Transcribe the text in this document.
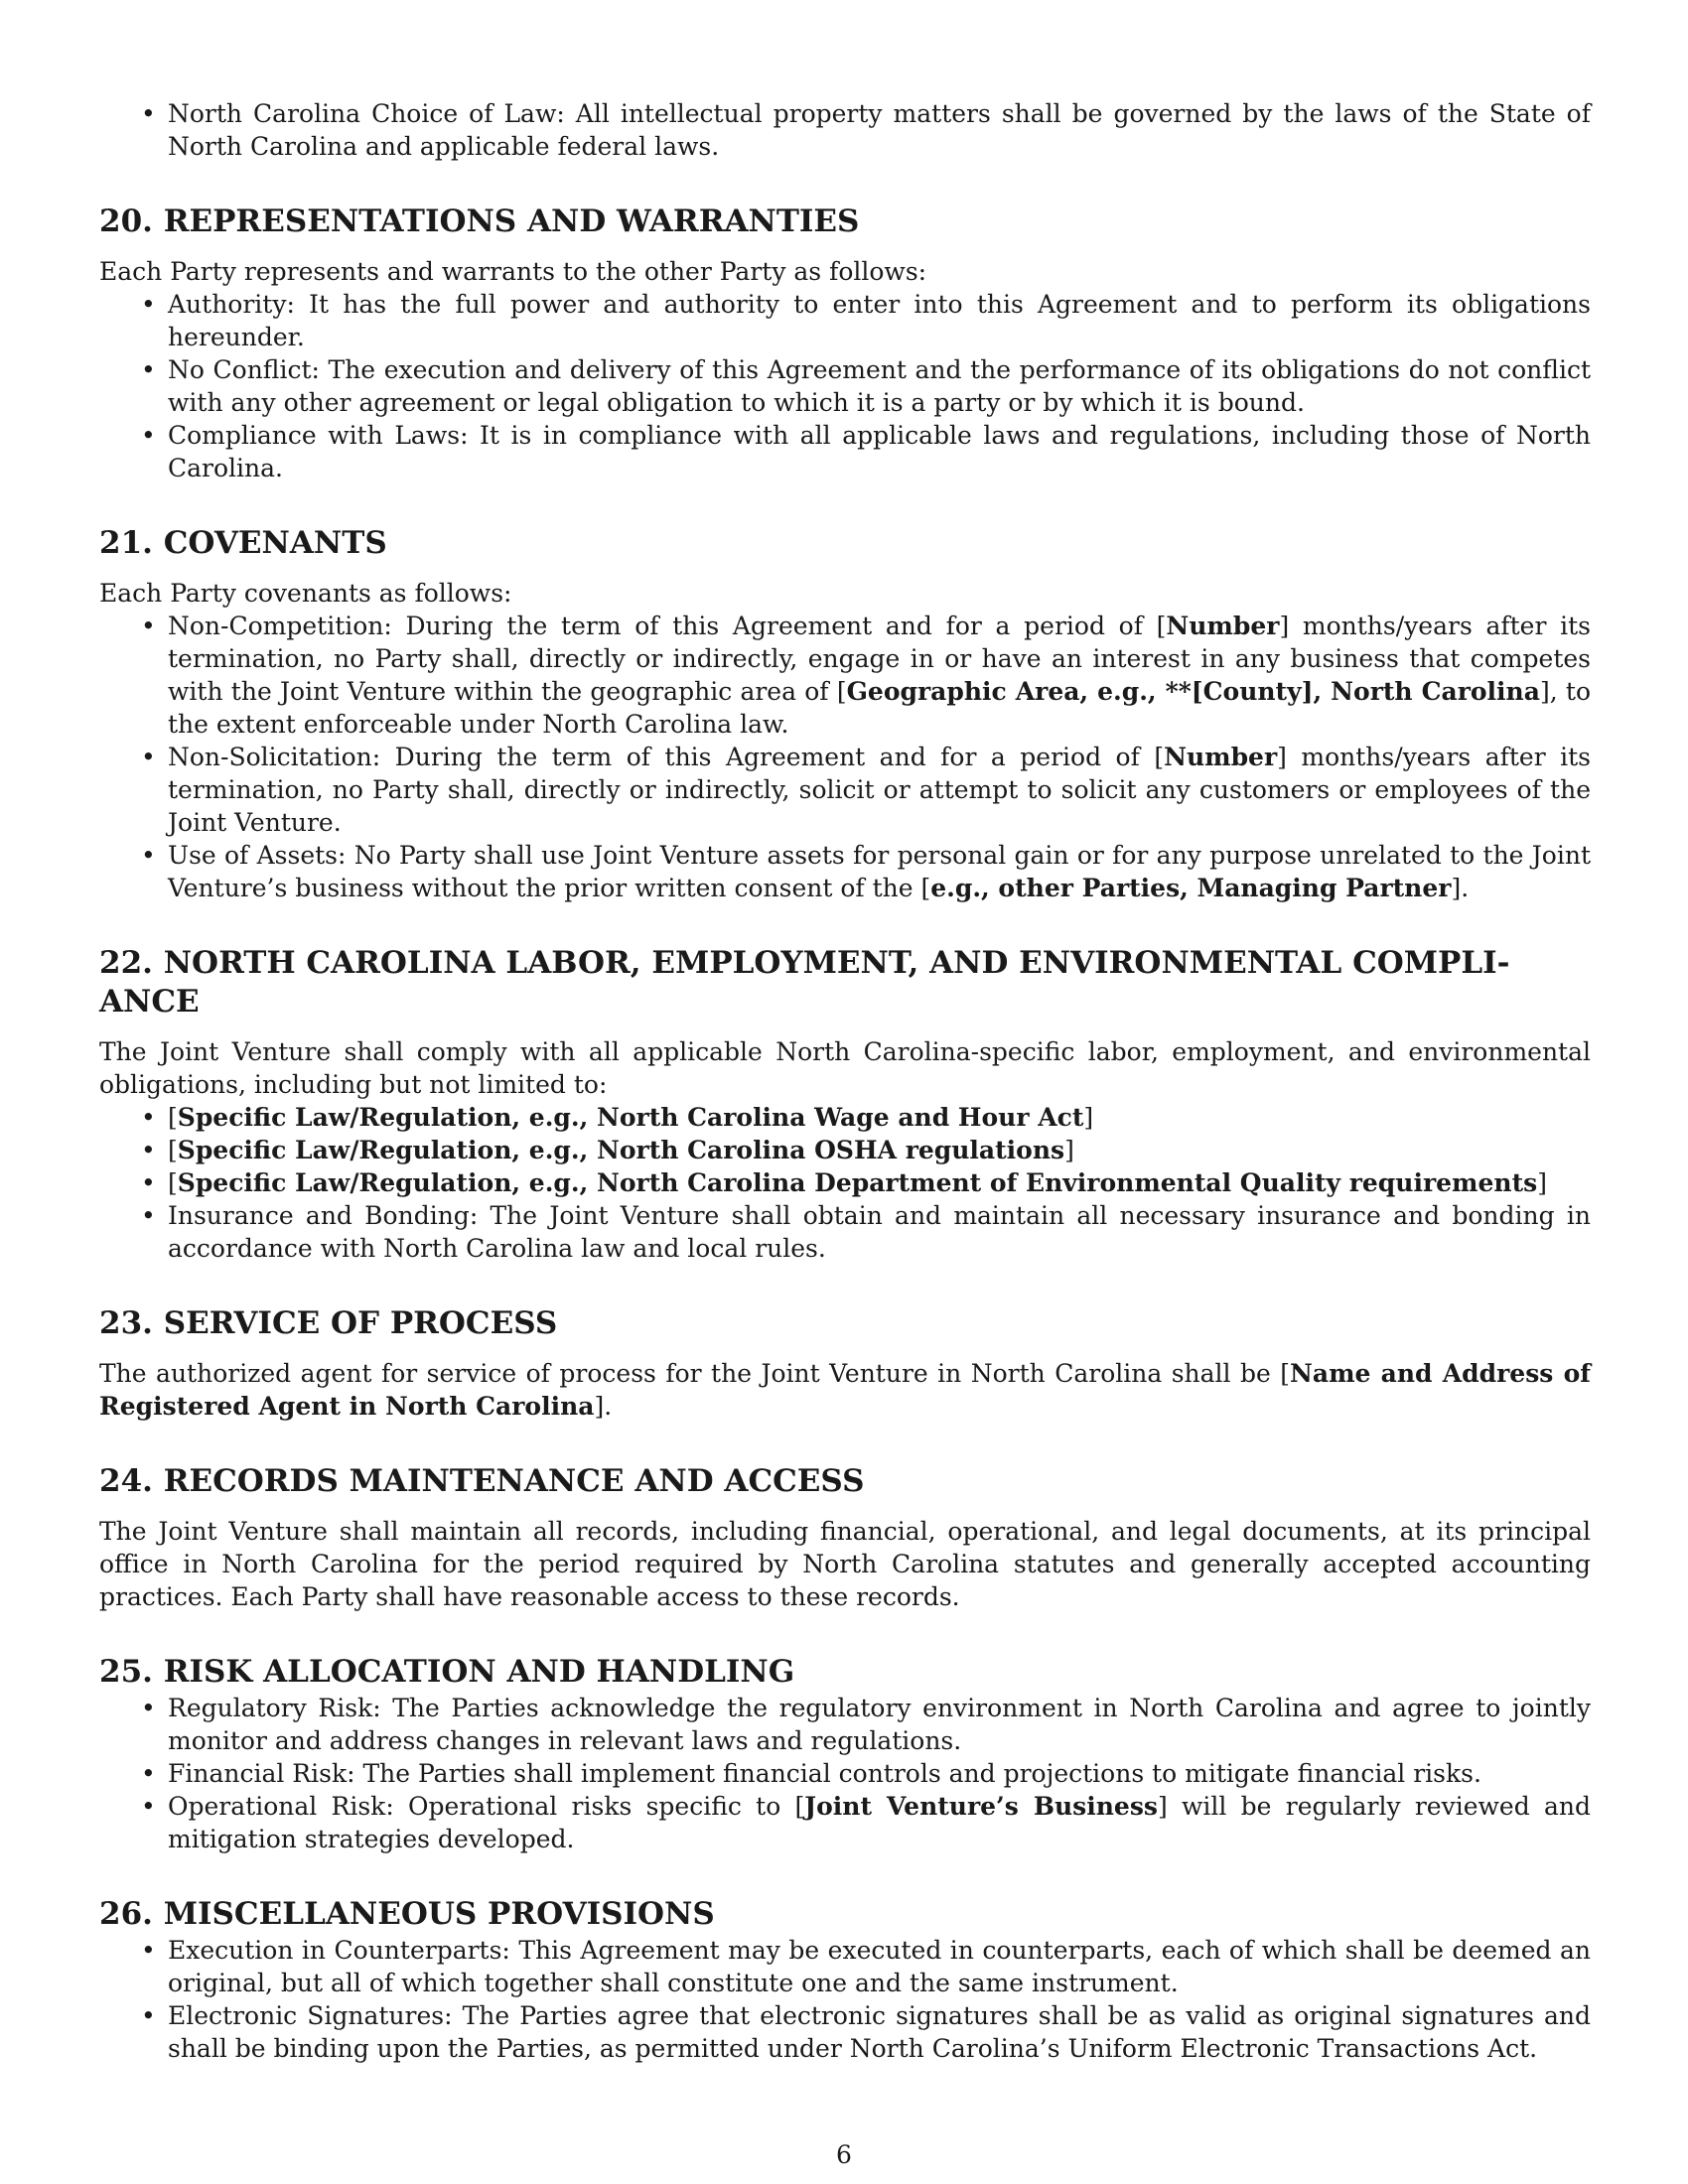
• North Carolina Choice of Law: All intellectual property matters shall be governed by the laws of the State of North Carolina and applicable federal laws.
20. REPRESENTATIONS AND WARRANTIES

Each Party represents and warrants to the other Party as follows:

• Authority: It has the full power and authority to enter into this Agreement and to perform its obligations hereunder.
• No Conflict: The execution and delivery of this Agreement and the performance of its obligations do not conflict with any other agreement or legal obligation to which it is a party or by which it is bound.
• Compliance with Laws: It is in compliance with all applicable laws and regulations, including those of North Carolina.
21. COVENANTS

Each Party covenants as follows:

• Non-Competition: During the term of this Agreement and for a period of [Number] months/years after its termination, no Party shall, directly or indirectly, engage in or have an interest in any business that competes with the Joint Venture within the geographic area of [Geographic Area, e.g., **[County], North Carolina], to the extent enforceable under North Carolina law.
• Non-Solicitation: During the term of this Agreement and for a period of [Number] months/years after its termination, no Party shall, directly or indirectly, solicit or attempt to solicit any customers or employees of the Joint Venture.
• Use of Assets: No Party shall use Joint Venture assets for personal gain or for any purpose unrelated to the Joint Venture’s business without the prior written consent of the [e.g., other Parties, Managing Partner].
22. NORTH CAROLINA LABOR, EMPLOYMENT, AND ENVIRONMENTAL COMPLI-ANCE

The Joint Venture shall comply with all applicable North Carolina-specific labor, employment, and environmental obligations, including but not limited to:

• [Specific Law/Regulation, e.g., North Carolina Wage and Hour Act]
• [Specific Law/Regulation, e.g., North Carolina OSHA regulations]
• [Specific Law/Regulation, e.g., North Carolina Department of Environmental Quality requirements]
• Insurance and Bonding: The Joint Venture shall obtain and maintain all necessary insurance and bonding in accordance with North Carolina law and local rules.
23. SERVICE OF PROCESS

The authorized agent for service of process for the Joint Venture in North Carolina shall be [Name and Address of Registered Agent in North Carolina].

24. RECORDS MAINTENANCE AND ACCESS

The Joint Venture shall maintain all records, including financial, operational, and legal documents, at its principal office in North Carolina for the period required by North Carolina statutes and generally accepted accounting practices. Each Party shall have reasonable access to these records.

25. RISK ALLOCATION AND HANDLING
• Regulatory Risk: The Parties acknowledge the regulatory environment in North Carolina and agree to jointly monitor and address changes in relevant laws and regulations.
• Financial Risk: The Parties shall implement financial controls and projections to mitigate financial risks.
• Operational Risk: Operational risks specific to [Joint Venture’s Business] will be regularly reviewed and mitigation strategies developed.
26. MISCELLANEOUS PROVISIONS
• Execution in Counterparts: This Agreement may be executed in counterparts, each of which shall be deemed an original, but all of which together shall constitute one and the same instrument.
• Electronic Signatures: The Parties agree that electronic signatures shall be as valid as original signatures and shall be binding upon the Parties, as permitted under North Carolina’s Uniform Electronic Transactions Act.
6
